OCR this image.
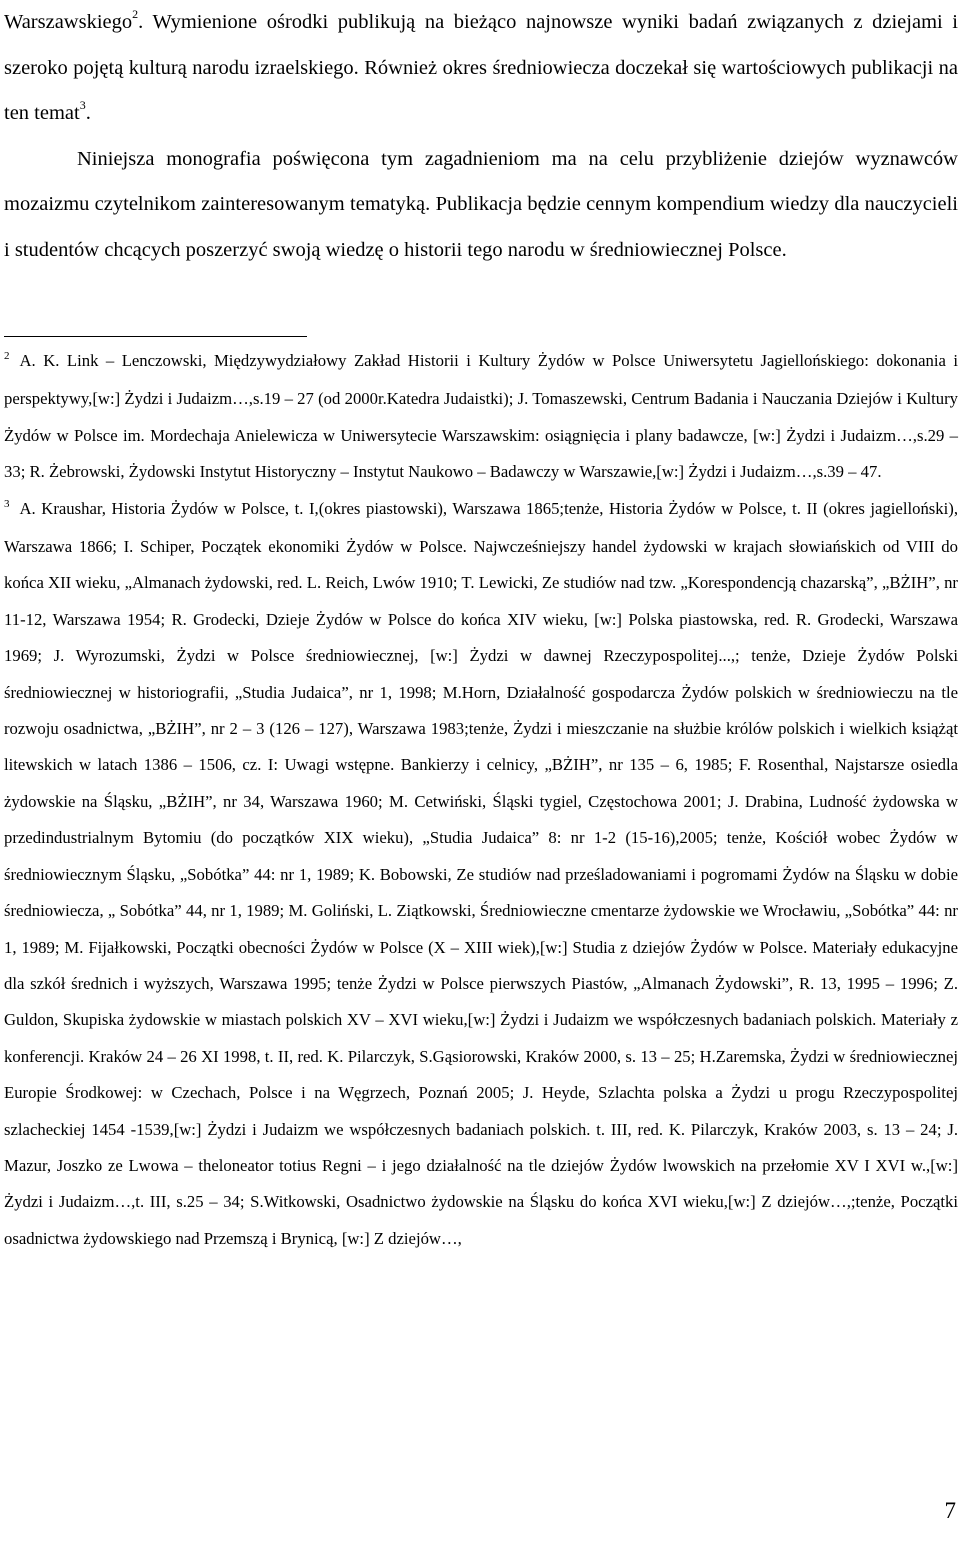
Warszawskiego$^2$. Wymienione ośrodki publikują na bieżąco najnowsze wyniki badań związanych z dziejami i szeroko pojętą kulturą narodu izraelskiego. Również okres średniowiecza doczekał się wartościowych publikacji na ten temat$^3$.

Niniejsza monografia poświęcona tym zagadnieniom ma na celu przybliżenie dziejów wyznawców mozaizmu czytelnikom zainteresowanym tematyką. Publikacja będzie cennym kompendium wiedzy dla nauczycieli i studentów chcących poszerzyć swoją wiedzę o historii tego narodu w średniowiecznej Polsce.

$^2$ A. K. Link – Lenczowski, Międzywydziałowy Zakład Historii i Kultury Żydów w Polsce Uniwersytetu Jagiellońskiego: dokonania i perspektywy,[w:] Żydzi i Judaizm…,s.19 – 27 (od 2000r.Katedra Judaistki); J. Tomaszewski, Centrum Badania i Nauczania Dziejów i Kultury Żydów w Polsce im. Mordechaja Anielewicza w Uniwersytecie Warszawskim: osiągnięcia i plany badawcze, [w:] Żydzi i Judaizm…,s.29 – 33; R. Żebrowski, Żydowski Instytut Historyczny – Instytut Naukowo – Badawczy w Warszawie,[w:] Żydzi i Judaizm…,s.39 – 47.

$^3$ A. Kraushar, Historia Żydów w Polsce, t. I,(okres piastowski), Warszawa 1865;tenże, Historia Żydów w Polsce, t. II (okres jagielloński), Warszawa 1866; I. Schiper, Początek ekonomiki Żydów w Polsce. Najwcześniejszy handel żydowski w krajach słowiańskich od VIII do końca XII wieku, „Almanach żydowski, red. L. Reich, Lwów 1910; T. Lewicki, Ze studiów nad tzw. „Korespondencją chazarską”, „BŻIH”, nr 11-12, Warszawa 1954; R. Grodecki, Dzieje Żydów w Polsce do końca XIV wieku, [w:] Polska piastowska, red. R. Grodecki, Warszawa 1969; J. Wyrozumski, Żydzi w Polsce średniowiecznej, [w:] Żydzi w dawnej Rzeczypospolitej...,; tenże, Dzieje Żydów Polski średniowiecznej w historiografii, „Studia Judaica”, nr 1, 1998; M.Horn, Działalność gospodarcza Żydów polskich w średniowieczu na tle rozwoju osadnictwa, „BŻIH”, nr 2 – 3 (126 – 127), Warszawa 1983;tenże, Żydzi i mieszczanie na służbie królów polskich i wielkich książąt litewskich w latach 1386 – 1506, cz. I: Uwagi wstępne. Bankierzy i celnicy, „BŻIH”, nr 135 – 6, 1985; F. Rosenthal, Najstarsze osiedla żydowskie na Śląsku, „BŻIH”, nr 34, Warszawa 1960; M. Cetwiński, Śląski tygiel, Częstochowa 2001; J. Drabina, Ludność żydowska w przedindustrialnym Bytomiu (do początków XIX wieku), „Studia Judaica” 8: nr 1-2 (15-16),2005; tenże, Kościół wobec Żydów w średniowiecznym Śląsku, „Sobótka” 44: nr 1, 1989; K. Bobowski, Ze studiów nad prześladowaniami i pogromami Żydów na Śląsku w dobie średniowiecza, „ Sobótka” 44, nr 1, 1989; M. Goliński, L. Ziątkowski, Średniowieczne cmentarze żydowskie we Wrocławiu, „Sobótka” 44: nr 1, 1989; M. Fijałkowski, Początki obecności Żydów w Polsce (X – XIII wiek),[w:] Studia z dziejów Żydów w Polsce. Materiały edukacyjne dla szkół średnich i wyższych, Warszawa 1995; tenże Żydzi w Polsce pierwszych Piastów, „Almanach Żydowski”, R. 13, 1995 – 1996; Z. Guldon, Skupiska żydowskie w miastach polskich XV – XVI wieku,[w:] Żydzi i Judaizm we współczesnych badaniach polskich. Materiały z konferencji. Kraków 24 – 26 XI 1998, t. II, red. K. Pilarczyk, S.Gąsiorowski, Kraków 2000, s. 13 – 25; H.Zaremska, Żydzi w średniowiecznej Europie Środkowej: w Czechach, Polsce i na Węgrzech, Poznań 2005; J. Heyde, Szlachta polska a Żydzi u progu Rzeczypospolitej szlacheckiej 1454 -1539,[w:] Żydzi i Judaizm we współczesnych badaniach polskich. t. III, red. K. Pilarczyk, Kraków 2003, s. 13 – 24; J. Mazur, Joszko ze Lwowa – theloneator totius Regni – i jego działalność na tle dziejów Żydów lwowskich na przełomie XV I XVI w.,[w:] Żydzi i Judaizm…,t. III, s.25 – 34; S.Witkowski, Osadnictwo żydowskie na Śląsku do końca XVI wieku,[w:] Z dziejów…,;tenże, Początki osadnictwa żydowskiego nad Przemszą i Brynicą, [w:] Z dziejów…,

7
